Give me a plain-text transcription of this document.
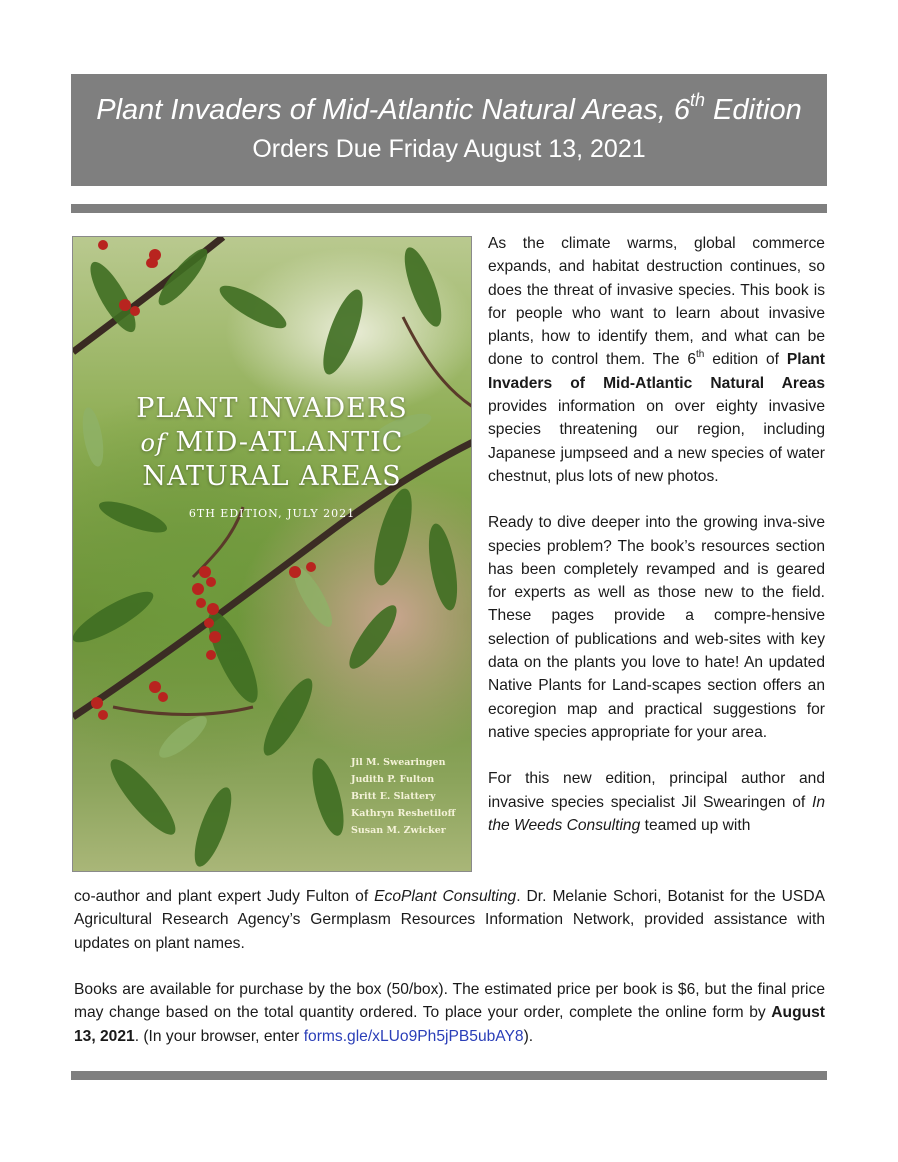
Plant Invaders of Mid-Atlantic Natural Areas, 6th Edition
Orders Due Friday August 13, 2021
PLANT INVADERS
of MID-ATLANTIC
NATURAL AREAS
6TH EDITION, JULY 2021
Jil M. Swearingen
Judith P. Fulton
Britt E. Slattery
Kathryn Reshetiloff
Susan M. Zwicker

As the climate warms, global commerce expands, and habitat destruction continues, so does the threat of invasive species. This book is for people who want to learn about invasive plants, how to identify them, and what can be done to control them. The 6th edition of Plant Invaders of Mid-Atlantic Natural Areas provides information on over eighty invasive species threatening our region, including Japanese jumpseed and a new species of water chestnut, plus lots of new photos.

Ready to dive deeper into the growing inva-sive species problem? The book’s resources section has been completely revamped and is geared for experts as well as those new to the field. These pages provide a compre-hensive selection of publications and web-sites with key data on the plants you love to hate! An updated Native Plants for Land-scapes section offers an ecoregion map and practical suggestions for native species appropriate for your area.

For this new edition, principal author and invasive species specialist Jil Swearingen of In the Weeds Consulting teamed up with

co-author and plant expert Judy Fulton of EcoPlant Consulting. Dr. Melanie Schori, Botanist for the USDA Agricultural Research Agency’s Germplasm Resources Information Network, provided assistance with updates on plant names.

Books are available for purchase by the box (50/box). The estimated price per book is $6, but the final price may change based on the total quantity ordered. To place your order, complete the online form by August 13, 2021. (In your browser, enter forms.gle/xLUo9Ph5jPB5ubAY8).
